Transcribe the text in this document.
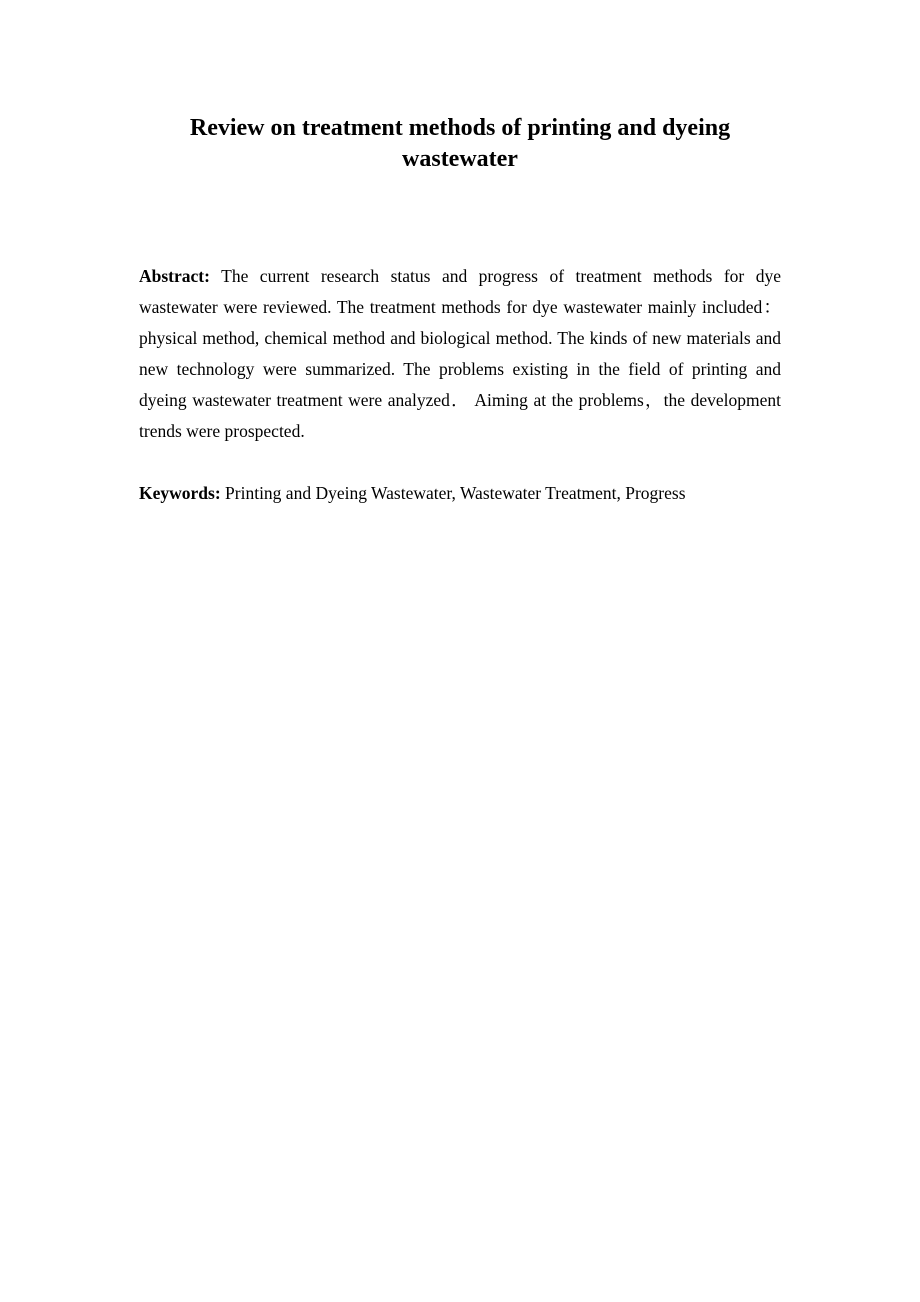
Review on treatment methods of printing and dyeing wastewater

Abstract: The current research status and progress of treatment methods for dye wastewater were reviewed. The treatment methods for dye wastewater mainly included： physical method, chemical method and biological method. The kinds of new materials and new technology were summarized. The problems existing in the field of printing and dyeing wastewater treatment were analyzed． Aiming at the problems，the development trends were prospected.

Keywords: Printing and Dyeing Wastewater, Wastewater Treatment, Progress
